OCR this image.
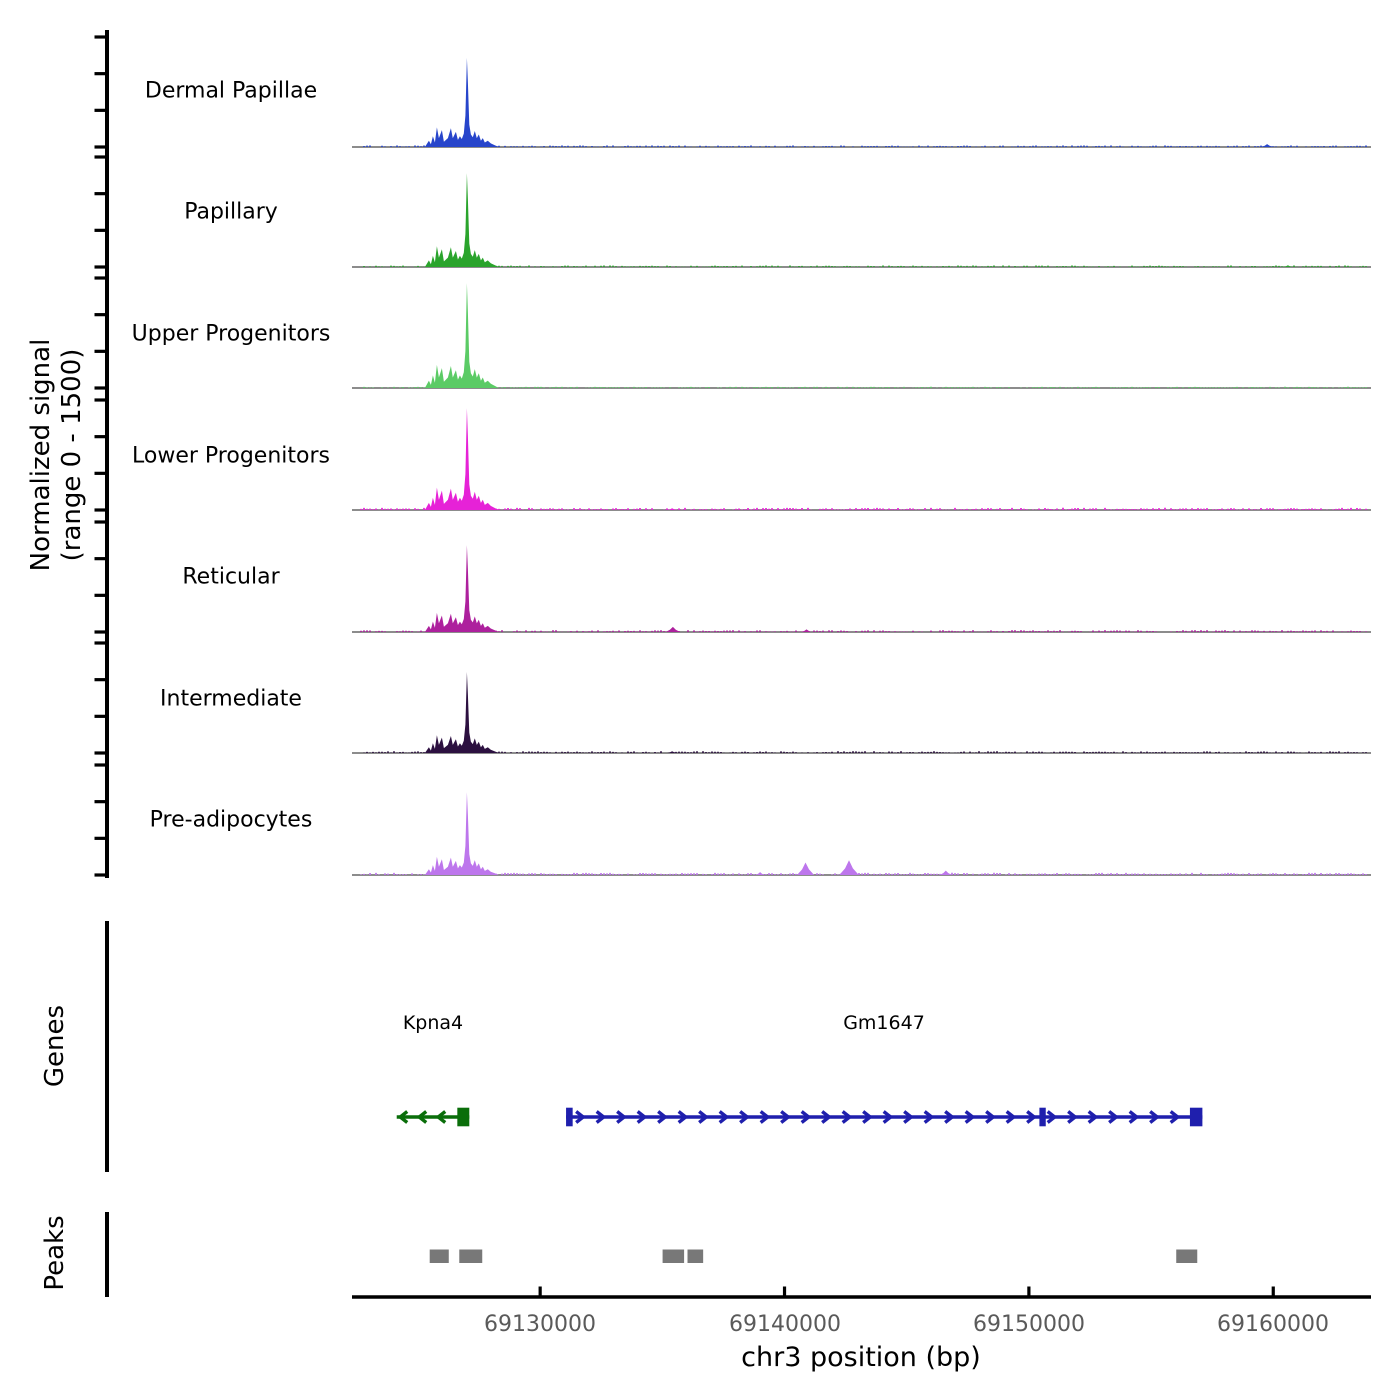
Dermal Papillae
Papillary
Upper Progenitors
Lower Progenitors
Reticular
Intermediate
Pre-adipocytes
Normalized signal (range 0 - 1500)
Genes
Peaks
Kpna4	Gm1647
chr3 position (bp)
69130000	69140000	69150000	69160000
